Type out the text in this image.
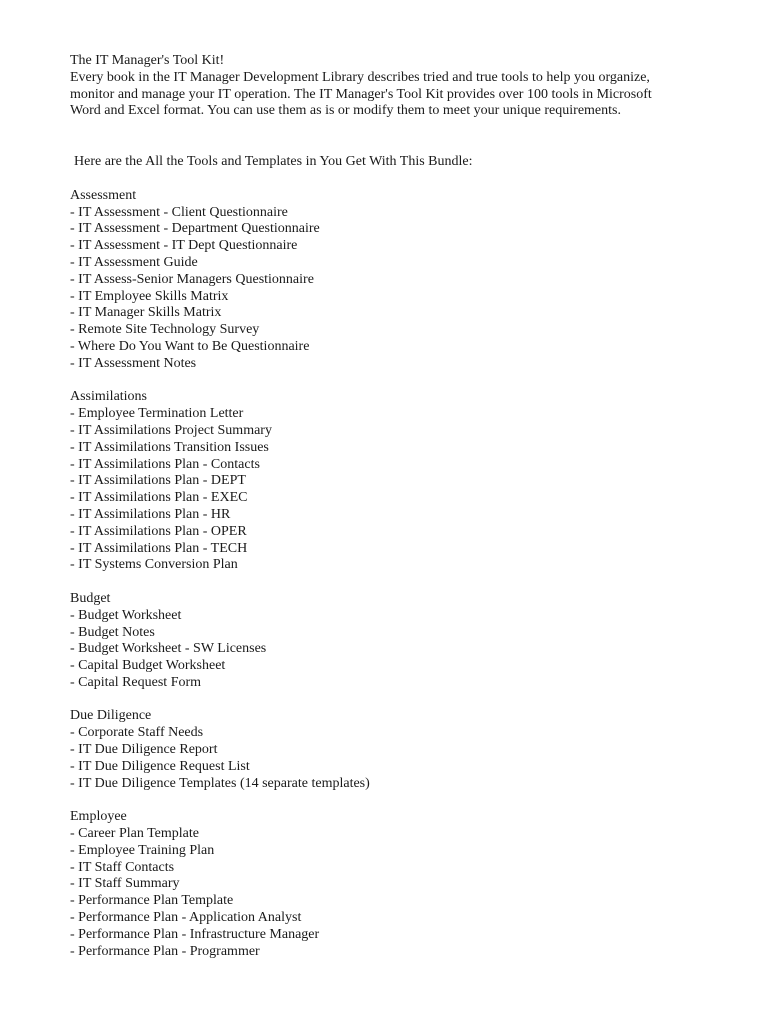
The IT Manager's Tool Kit!
Every book in the IT Manager Development Library describes tried and true tools to help you organize,
monitor and manage your IT operation. The IT Manager's Tool Kit provides over 100 tools in Microsoft
Word and Excel format. You can use them as is or modify them to meet your unique requirements.
Here are the All the Tools and Templates in You Get With This Bundle:
Assessment
- IT Assessment - Client Questionnaire
- IT Assessment - Department Questionnaire
- IT Assessment - IT Dept Questionnaire
- IT Assessment Guide
- IT Assess-Senior Managers Questionnaire
- IT Employee Skills Matrix
- IT Manager Skills Matrix
- Remote Site Technology Survey
- Where Do You Want to Be Questionnaire
- IT Assessment Notes
Assimilations
- Employee Termination Letter
- IT Assimilations Project Summary
- IT Assimilations Transition Issues
- IT Assimilations Plan - Contacts
- IT Assimilations Plan - DEPT
- IT Assimilations Plan - EXEC
- IT Assimilations Plan - HR
- IT Assimilations Plan - OPER
- IT Assimilations Plan - TECH
- IT Systems Conversion Plan
Budget
- Budget Worksheet
- Budget Notes
- Budget Worksheet - SW Licenses
- Capital Budget Worksheet
- Capital Request Form
Due Diligence
- Corporate Staff Needs
- IT Due Diligence Report
- IT Due Diligence Request List
- IT Due Diligence Templates (14 separate templates)
Employee
- Career Plan Template
- Employee Training Plan
- IT Staff Contacts
- IT Staff Summary
- Performance Plan Template
- Performance Plan - Application Analyst
- Performance Plan - Infrastructure Manager
- Performance Plan - Programmer
